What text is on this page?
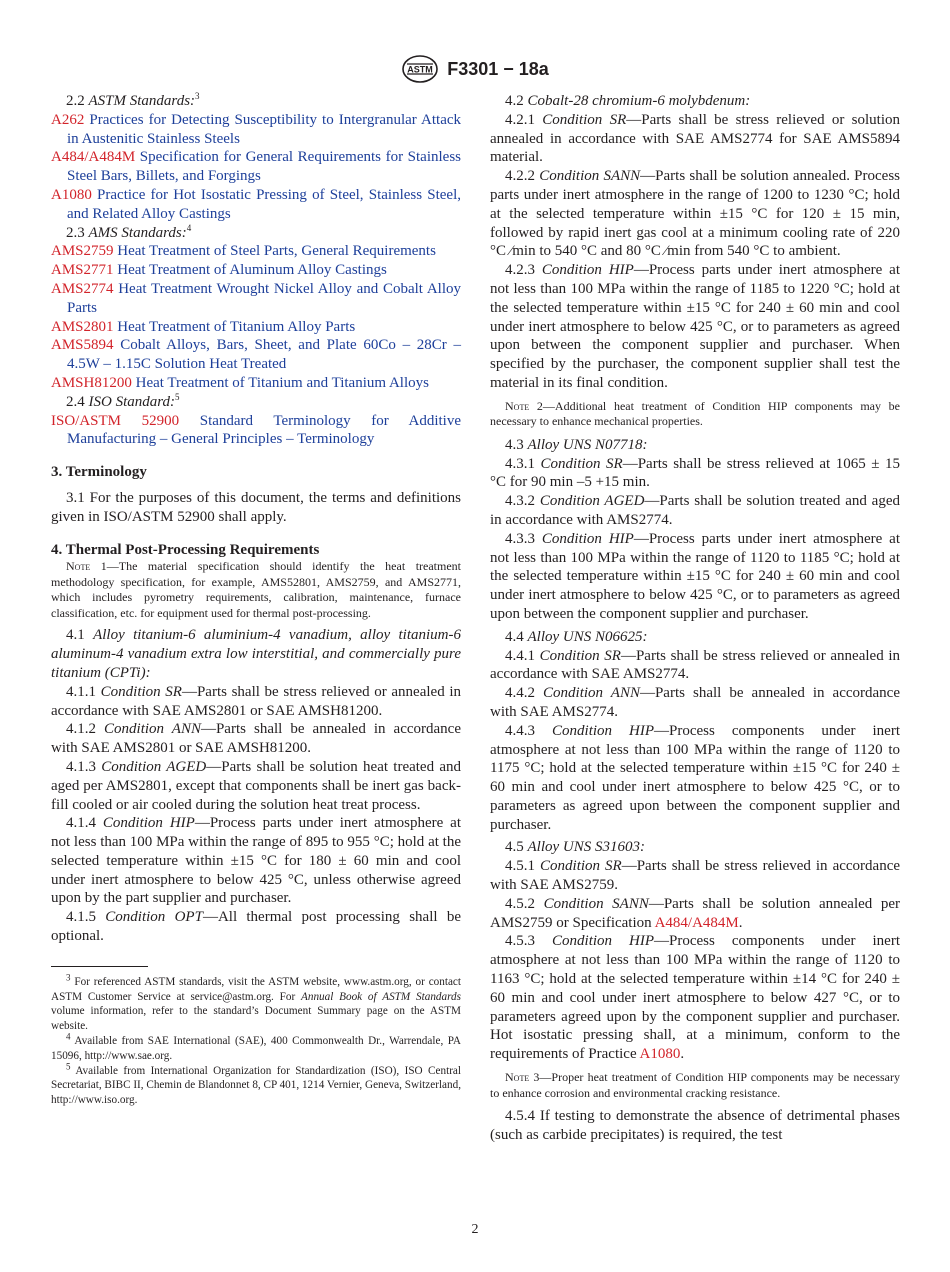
ASTM F3301 − 18a

2.2 ASTM Standards:$^3$

A262 Practices for Detecting Susceptibility to Intergranular Attack in Austenitic Stainless Steels

A484/A484M Specification for General Requirements for Stainless Steel Bars, Billets, and Forgings

A1080 Practice for Hot Isostatic Pressing of Steel, Stainless Steel, and Related Alloy Castings

2.3 AMS Standards:$^4$

AMS2759 Heat Treatment of Steel Parts, General Requirements

AMS2771 Heat Treatment of Aluminum Alloy Castings

AMS2774 Heat Treatment Wrought Nickel Alloy and Cobalt Alloy Parts

AMS2801 Heat Treatment of Titanium Alloy Parts

AMS5894 Cobalt Alloys, Bars, Sheet, and Plate 60Co – 28Cr – 4.5W – 1.15C Solution Heat Treated

AMSH81200 Heat Treatment of Titanium and Titanium Alloys

2.4 ISO Standard:$^5$

ISO/ASTM 52900 Standard Terminology for Additive Manufacturing – General Principles – Terminology

3. Terminology

3.1 For the purposes of this document, the terms and definitions given in ISO/ASTM 52900 shall apply.

4. Thermal Post-Processing Requirements

Note 1—The material specification should identify the heat treatment methodology specification, for example, AMS52801, AMS2759, and AMS2771, which includes pyrometry requirements, calibration, maintenance, furnace classification, etc. for equipment used for thermal post-processing.

4.1 Alloy titanium-6 aluminium-4 vanadium, alloy titanium-6 aluminum-4 vanadium extra low interstitial, and commercially pure titanium (CPTi):

4.1.1 Condition SR—Parts shall be stress relieved or annealed in accordance with SAE AMS2801 or SAE AMSH81200.

4.1.2 Condition ANN—Parts shall be annealed in accordance with SAE AMS2801 or SAE AMSH81200.

4.1.3 Condition AGED—Parts shall be solution heat treated and aged per AMS2801, except that components shall be inert gas back-fill cooled or air cooled during the solution heat treat process.

4.1.4 Condition HIP—Process parts under inert atmosphere at not less than 100 MPa within the range of 895 to 955 °C; hold at the selected temperature within ±15 °C for 180 ± 60 min and cool under inert atmosphere to below 425 °C, unless otherwise agreed upon by the part supplier and purchaser.

4.1.5 Condition OPT—All thermal post processing shall be optional.

$^3$ For referenced ASTM standards, visit the ASTM website, www.astm.org, or contact ASTM Customer Service at service@astm.org. For Annual Book of ASTM Standards volume information, refer to the standard’s Document Summary page on the ASTM website.

$^4$ Available from SAE International (SAE), 400 Commonwealth Dr., Warrendale, PA 15096, http://www.sae.org.

$^5$ Available from International Organization for Standardization (ISO), ISO Central Secretariat, BIBC II, Chemin de Blandonnet 8, CP 401, 1214 Vernier, Geneva, Switzerland, http://www.iso.org.

4.2 Cobalt-28 chromium-6 molybdenum:

4.2.1 Condition SR—Parts shall be stress relieved or solution annealed in accordance with SAE AMS2774 for SAE AMS5894 material.

4.2.2 Condition SANN—Parts shall be solution annealed. Process parts under inert atmosphere in the range of 1200 to 1230 °C; hold at the selected temperature within ±15 °C for 120 ± 15 min, followed by rapid inert gas cool at a minimum cooling rate of 220 °C ⁄min to 540 °C and 80 °C ⁄min from 540 °C to ambient.

4.2.3 Condition HIP—Process parts under inert atmosphere at not less than 100 MPa within the range of 1185 to 1220 °C; hold at the selected temperature within ±15 °C for 240 ± 60 min and cool under inert atmosphere to below 425 °C, or to parameters as agreed upon between the component supplier and purchaser. When specified by the purchaser, the component supplier shall test the material in its final condition.

Note 2—Additional heat treatment of Condition HIP components may be necessary to enhance mechanical properties.

4.3 Alloy UNS N07718:

4.3.1 Condition SR—Parts shall be stress relieved at 1065 ± 15 °C for 90 min –5 +15 min.

4.3.2 Condition AGED—Parts shall be solution treated and aged in accordance with AMS2774.

4.3.3 Condition HIP—Process parts under inert atmosphere at not less than 100 MPa within the range of 1120 to 1185 °C; hold at the selected temperature within ±15 °C for 240 ± 60 min and cool under inert atmosphere to below 425 °C, or to parameters as agreed upon between the component supplier and purchaser.

4.4 Alloy UNS N06625:

4.4.1 Condition SR—Parts shall be stress relieved or annealed in accordance with SAE AMS2774.

4.4.2 Condition ANN—Parts shall be annealed in accordance with SAE AMS2774.

4.4.3 Condition HIP—Process components under inert atmosphere at not less than 100 MPa within the range of 1120 to 1175 °C; hold at the selected temperature within ±15 °C for 240 ± 60 min and cool under inert atmosphere to below 425 °C, or to parameters as agreed upon between the component supplier and purchaser.

4.5 Alloy UNS S31603:

4.5.1 Condition SR—Parts shall be stress relieved in accordance with SAE AMS2759.

4.5.2 Condition SANN—Parts shall be solution annealed per AMS2759 or Specification A484/A484M.

4.5.3 Condition HIP—Process components under inert atmosphere at not less than 100 MPa within the range of 1120 to 1163 °C; hold at the selected temperature within ±14 °C for 240 ± 60 min and cool under inert atmosphere to below 427 °C, or to parameters agreed upon by the component supplier and purchaser. Hot isostatic pressing shall, at a minimum, conform to the requirements of Practice A1080.

Note 3—Proper heat treatment of Condition HIP components may be necessary to enhance corrosion and environmental cracking resistance.

4.5.4 If testing to demonstrate the absence of detrimental phases (such as carbide precipitates) is required, the test

2
